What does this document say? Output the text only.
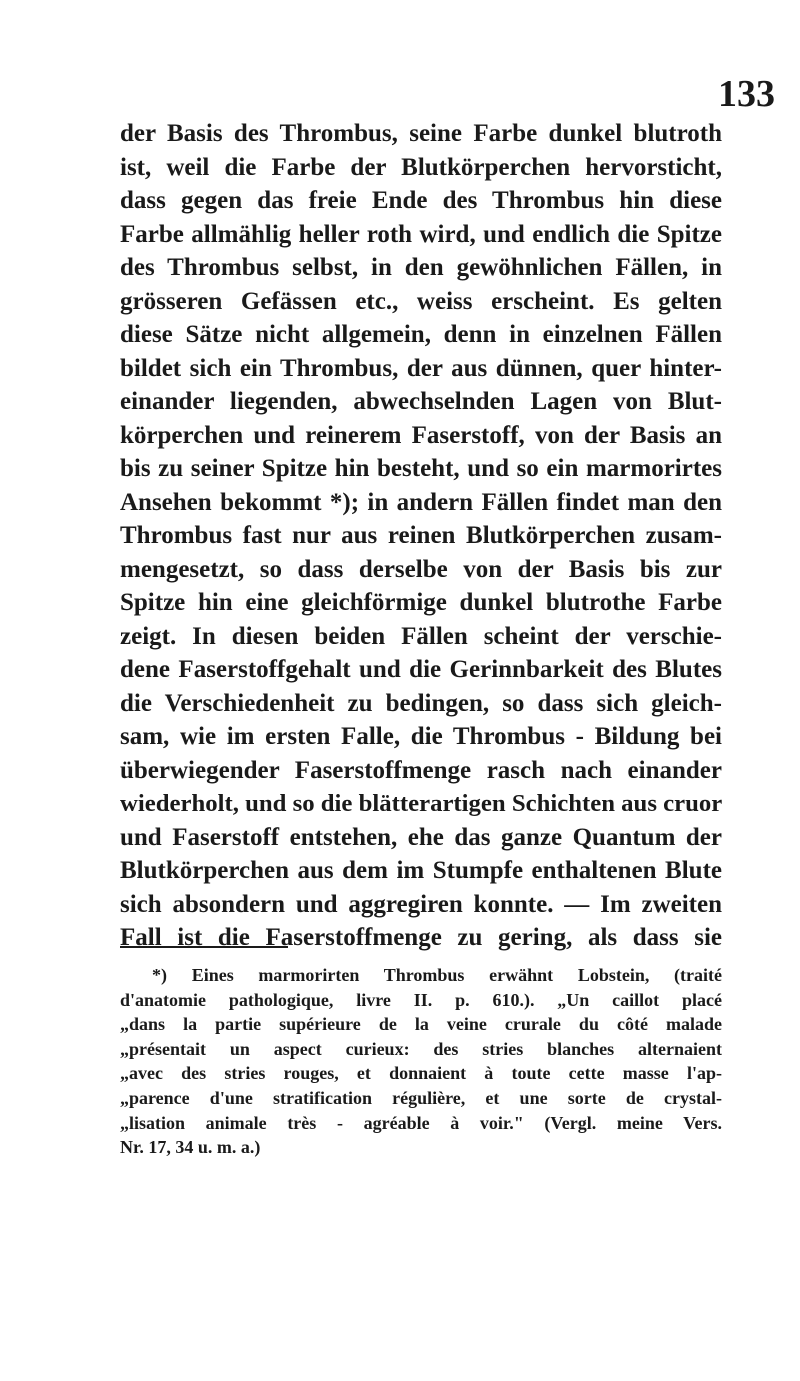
133
der Basis des Thrombus, seine Farbe dunkel blutroth
ist, weil die Farbe der Blutkörperchen hervorsticht,
dass gegen das freie Ende des Thrombus hin diese
Farbe allmählig heller roth wird, und endlich die Spitze
des Thrombus selbst, in den gewöhnlichen Fällen, in
grösseren Gefässen etc., weiss erscheint. Es gelten
diese Sätze nicht allgemein, denn in einzelnen Fällen
bildet sich ein Thrombus, der aus dünnen, quer hinter-
einander liegenden, abwechselnden Lagen von Blut-
körperchen und reinerem Faserstoff, von der Basis an
bis zu seiner Spitze hin besteht, und so ein marmorirtes
Ansehen bekommt *); in andern Fällen findet man den
Thrombus fast nur aus reinen Blutkörperchen zusam-
mengesetzt, so dass derselbe von der Basis bis zur
Spitze hin eine gleichförmige dunkel blutrothe Farbe
zeigt. In diesen beiden Fällen scheint der verschie-
dene Faserstoffgehalt und die Gerinnbarkeit des Blutes
die Verschiedenheit zu bedingen, so dass sich gleich-
sam, wie im ersten Falle, die Thrombus - Bildung bei
überwiegender Faserstoffmenge rasch nach einander
wiederholt, und so die blätterartigen Schichten aus cruor
und Faserstoff entstehen, ehe das ganze Quantum der
Blutkörperchen aus dem im Stumpfe enthaltenen Blute
sich absondern und aggregiren konnte. — Im zweiten
Fall ist die Faserstoffmenge zu gering, als dass sie
*) Eines marmorirten Thrombus erwähnt Lobstein, (traité
d'anatomie pathologique, livre II. p. 610.). „Un caillot placé
„dans la partie supérieure de la veine crurale du côté malade
„présentait un aspect curieux: des stries blanches alternaient
„avec des stries rouges, et donnaient à toute cette masse l'ap-
„parence d'une stratification régulière, et une sorte de crystal-
„lisation animale très - agréable à voir." (Vergl. meine Vers.
Nr. 17, 34 u. m. a.)
